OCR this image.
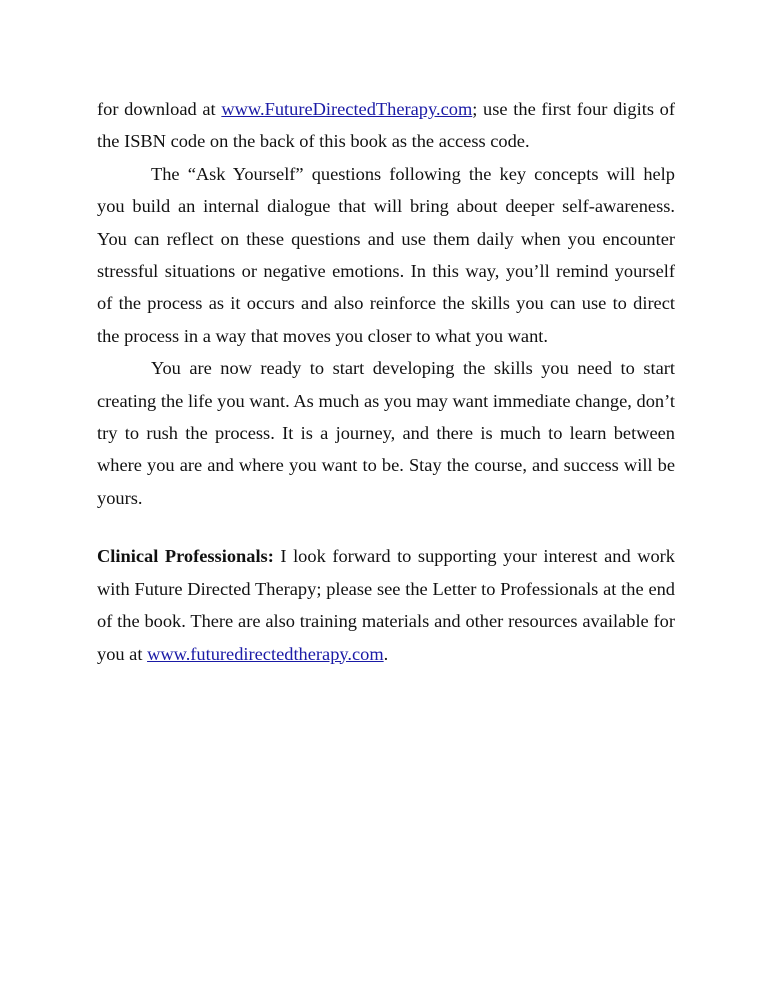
for download at www.FutureDirectedTherapy.com; use the first four digits of the ISBN code on the back of this book as the access code.

The “Ask Yourself” questions following the key concepts will help you build an internal dialogue that will bring about deeper self-awareness. You can reflect on these questions and use them daily when you encounter stressful situations or negative emotions. In this way, you’ll remind yourself of the process as it occurs and also reinforce the skills you can use to direct the process in a way that moves you closer to what you want.

You are now ready to start developing the skills you need to start creating the life you want. As much as you may want immediate change, don’t try to rush the process. It is a journey, and there is much to learn between where you are and where you want to be. Stay the course, and success will be yours.

Clinical Professionals: I look forward to supporting your interest and work with Future Directed Therapy; please see the Letter to Professionals at the end of the book. There are also training materials and other resources available for you at www.futuredirectedtherapy.com.
